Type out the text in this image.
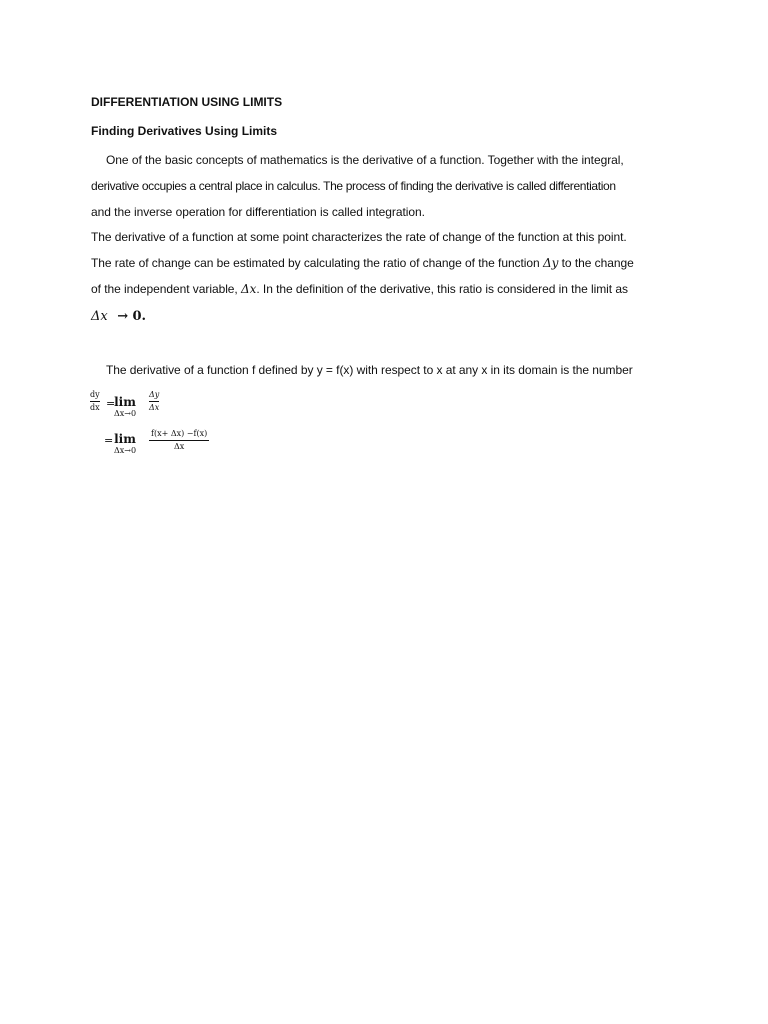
DIFFERENTIATION USING LIMITS
Finding Derivatives Using Limits
One of the basic concepts of mathematics is the derivative of a function. Together with the integral,
derivative occupies a central place in calculus. The process of finding the derivative is called differentiation
and the inverse operation for differentiation is called integration.
The derivative of a function at some point characterizes the rate of change of the function at this point.
The rate of change can be estimated by calculating the ratio of change of the function Δy to the change
of the independent variable, Δx. In the definition of the derivative, this ratio is considered in the limit as
Δx → 0.
The derivative of a function f defined by y = f(x) with respect to x at any x in its domain is the number
dy
dx =
lim
Δx→0
Δy
Δx
= lim
Δx→0
f(x+ Δx) −f(x)
Δx
